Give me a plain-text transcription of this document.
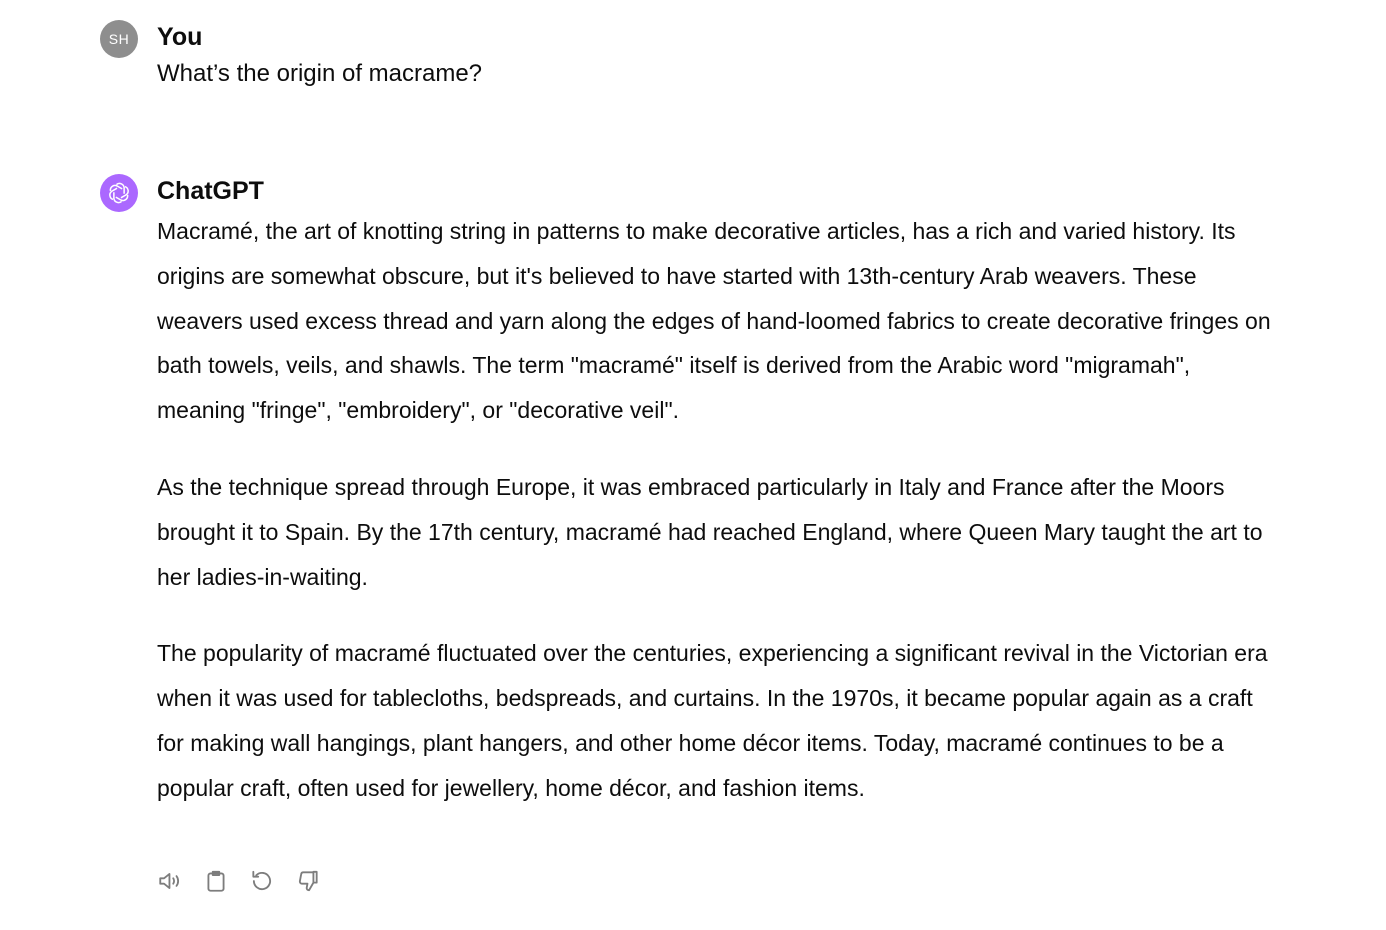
SH You
What’s the origin of macrame?
ChatGPT

Macramé, the art of knotting string in patterns to make decorative articles, has a rich and varied history. Its origins are somewhat obscure, but it's believed to have started with 13th-century Arab weavers. These weavers used excess thread and yarn along the edges of hand-loomed fabrics to create decorative fringes on bath towels, veils, and shawls. The term "macramé" itself is derived from the Arabic word "migramah", meaning "fringe", "embroidery", or "decorative veil".

As the technique spread through Europe, it was embraced particularly in Italy and France after the Moors brought it to Spain. By the 17th century, macramé had reached England, where Queen Mary taught the art to her ladies-in-waiting.

The popularity of macramé fluctuated over the centuries, experiencing a significant revival in the Victorian era when it was used for tablecloths, bedspreads, and curtains. In the 1970s, it became popular again as a craft for making wall hangings, plant hangers, and other home décor items. Today, macramé continues to be a popular craft, often used for jewellery, home décor, and fashion items.
